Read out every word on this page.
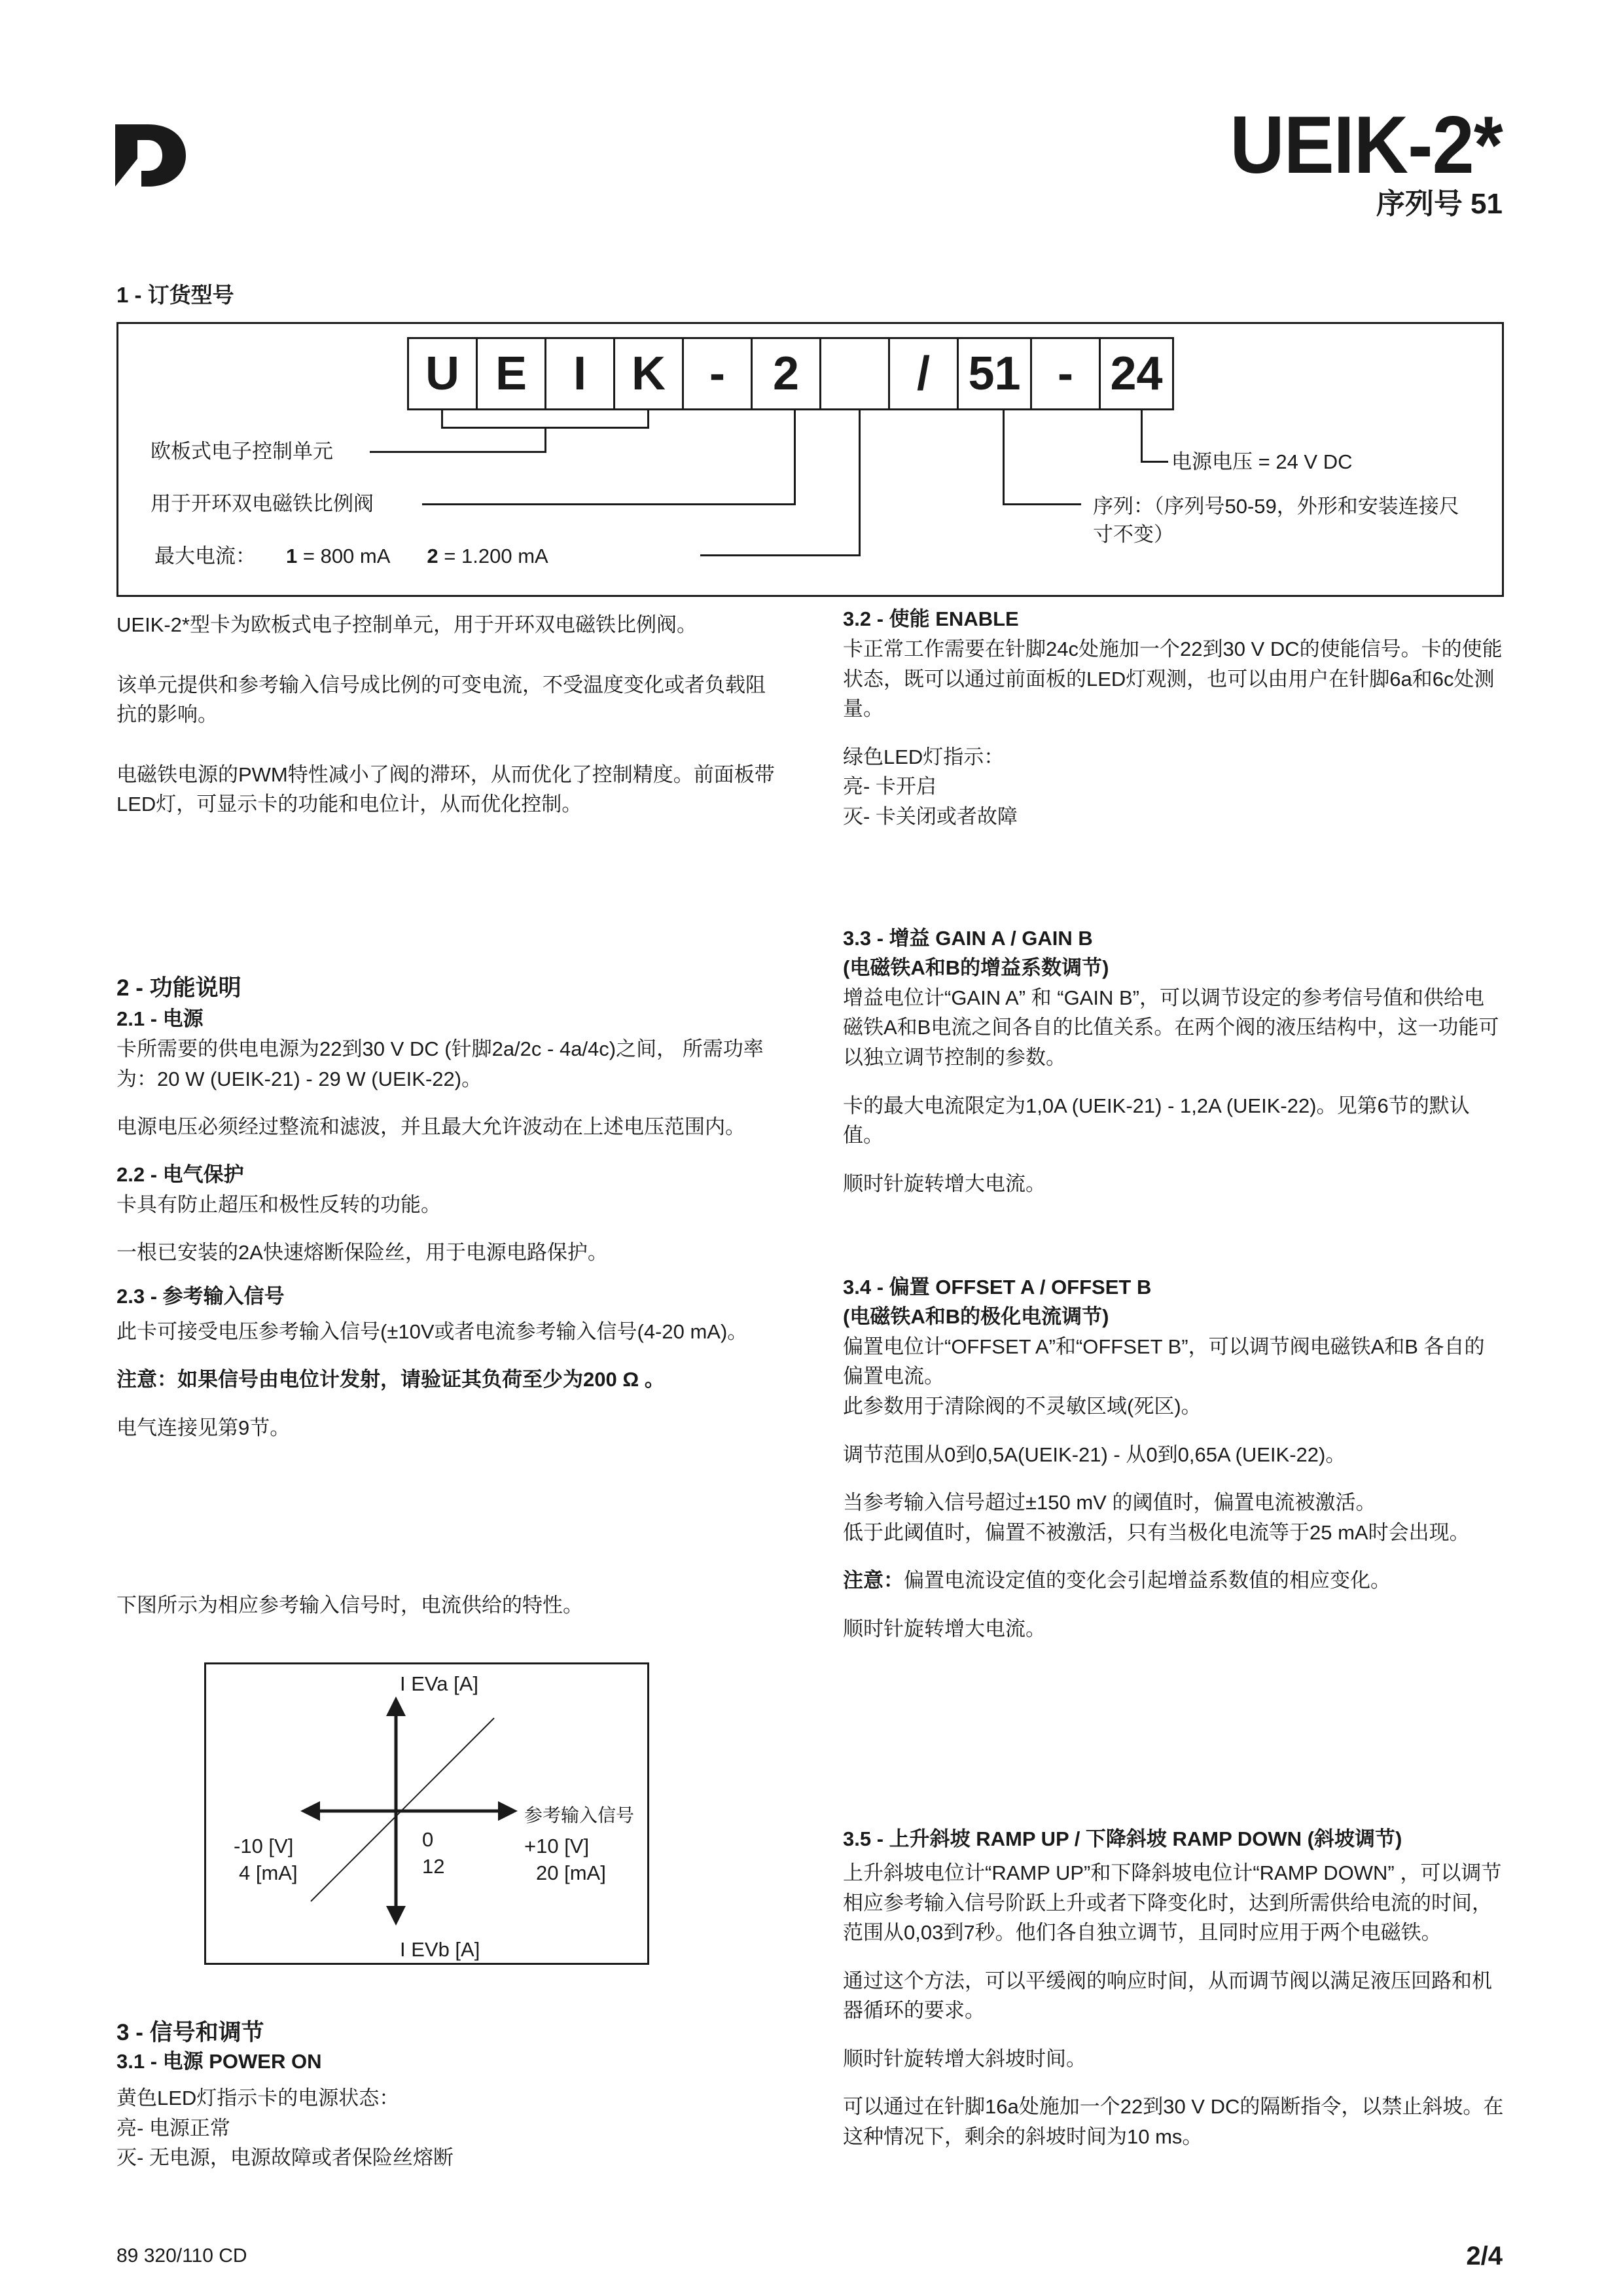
UEIK-2*
序列号 51
1 - 订货型号
U E I K -	2	/ 51 - 24
欧板式电子控制单元
用于开环双电磁铁比例阀
最大电流： 1 = 800 mA 2 = 1.200 mA
电源电压 = 24 V DC
序列：（序列号50-59，外形和安装连接尺寸不变）

UEIK-2*型卡为欧板式电子控制单元，用于开环双电磁铁比例阀。

该单元提供和参考输入信号成比例的可变电流，不受温度变化或者负载阻抗的影响。

电磁铁电源的PWM特性减小了阀的滞环，从而优化了控制精度。前面板带LED灯，可显示卡的功能和电位计，从而优化控制。

2 - 功能说明

2.1 - 电源

卡所需要的供电电源为22到30 V DC (针脚2a/2c - 4a/4c)之间， 所需功率为：20 W (UEIK-21) - 29 W (UEIK-22)。

电源电压必须经过整流和滤波，并且最大允许波动在上述电压范围内。

2.2 - 电气保护

卡具有防止超压和极性反转的功能。

一根已安装的2A快速熔断保险丝，用于电源电路保护。

2.3 - 参考输入信号

此卡可接受电压参考输入信号(±10V或者电流参考输入信号(4-20 mA)。

注意：如果信号由电位计发射，请验证其负荷至少为200 Ω 。

电气连接见第9节。

下图所示为相应参考输入信号时，电流供给的特性。
I EVa [A]
I EVb [A]
参考输入信号
-10 [V]
4 [mA]
0
12
+10 [V]
20 [mA]
3 - 信号和调节

3.1 - 电源 POWER ON

黄色LED灯指示卡的电源状态：

亮- 电源正常

灭- 无电源，电源故障或者保险丝熔断

3.2 - 使能 ENABLE

卡正常工作需要在针脚24c处施加一个22到30 V DC的使能信号。卡的使能状态，既可以通过前面板的LED灯观测，也可以由用户在针脚6a和6c处测量。

绿色LED灯指示：

亮- 卡开启

灭- 卡关闭或者故障

3.3 - 增益 GAIN A / GAIN B

(电磁铁A和B的增益系数调节)

增益电位计“GAIN A” 和 “GAIN B”，可以调节设定的参考信号值和供给电磁铁A和B电流之间各自的比值关系。在两个阀的液压结构中，这一功能可以独立调节控制的参数。

卡的最大电流限定为1,0A (UEIK-21) - 1,2A (UEIK-22)。见第6节的默认值。

顺时针旋转增大电流。

3.4 - 偏置 OFFSET A / OFFSET B

(电磁铁A和B的极化电流调节)

偏置电位计“OFFSET A”和“OFFSET B”，可以调节阀电磁铁A和B 各自的偏置电流。

此参数用于清除阀的不灵敏区域(死区)。

调节范围从0到0,5A(UEIK-21) - 从0到0,65A (UEIK-22)。

当参考输入信号超过±150 mV 的阈值时，偏置电流被激活。

低于此阈值时，偏置不被激活，只有当极化电流等于25 mA时会出现。

注意：偏置电流设定值的变化会引起增益系数值的相应变化。

顺时针旋转增大电流。

3.5 - 上升斜坡 RAMP UP / 下降斜坡 RAMP DOWN (斜坡调节)

上升斜坡电位计“RAMP UP”和下降斜坡电位计“RAMP DOWN” ，可以调节相应参考输入信号阶跃上升或者下降变化时，达到所需供给电流的时间，范围从0,03到7秒。他们各自独立调节，且同时应用于两个电磁铁。

通过这个方法，可以平缓阀的响应时间，从而调节阀以满足液压回路和机器循环的要求。

顺时针旋转增大斜坡时间。

可以通过在针脚16a处施加一个22到30 V DC的隔断指令，以禁止斜坡。在这种情况下，剩余的斜坡时间为10 ms。

89 320/110 CD	2/4
